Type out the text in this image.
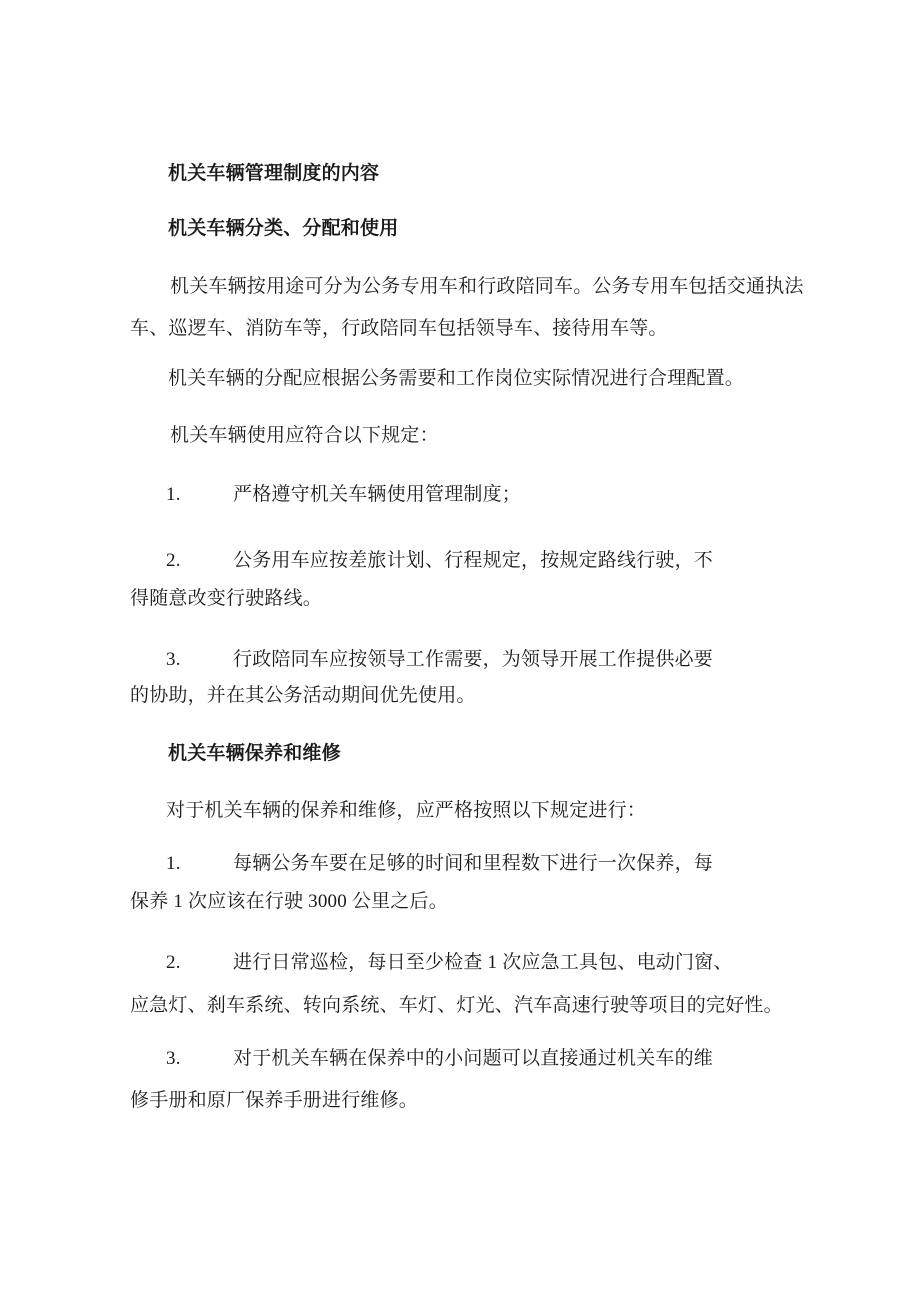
机关车辆管理制度的内容
机关车辆分类、分配和使用
机关车辆按用途可分为公务专用车和行政陪同车。公务专用车包括交通执法
车、巡逻车、消防车等，行政陪同车包括领导车、接待用车等。
机关车辆的分配应根据公务需要和工作岗位实际情况进行合理配置。
机关车辆使用应符合以下规定：
1.	严格遵守机关车辆使用管理制度；
2.	公务用车应按差旅计划、行程规定，按规定路线行驶，不
得随意改变行驶路线。
3.	行政陪同车应按领导工作需要，为领导开展工作提供必要
的协助，并在其公务活动期间优先使用。
机关车辆保养和维修
对于机关车辆的保养和维修，应严格按照以下规定进行：
1.	每辆公务车要在足够的时间和里程数下进行一次保养，每
保养 1 次应该在行驶 3000 公里之后。
2.	进行日常巡检，每日至少检查 1 次应急工具包、电动门窗、
应急灯、刹车系统、转向系统、车灯、灯光、汽车高速行驶等项目的完好性。
3.	对于机关车辆在保养中的小问题可以直接通过机关车的维
修手册和原厂保养手册进行维修。
